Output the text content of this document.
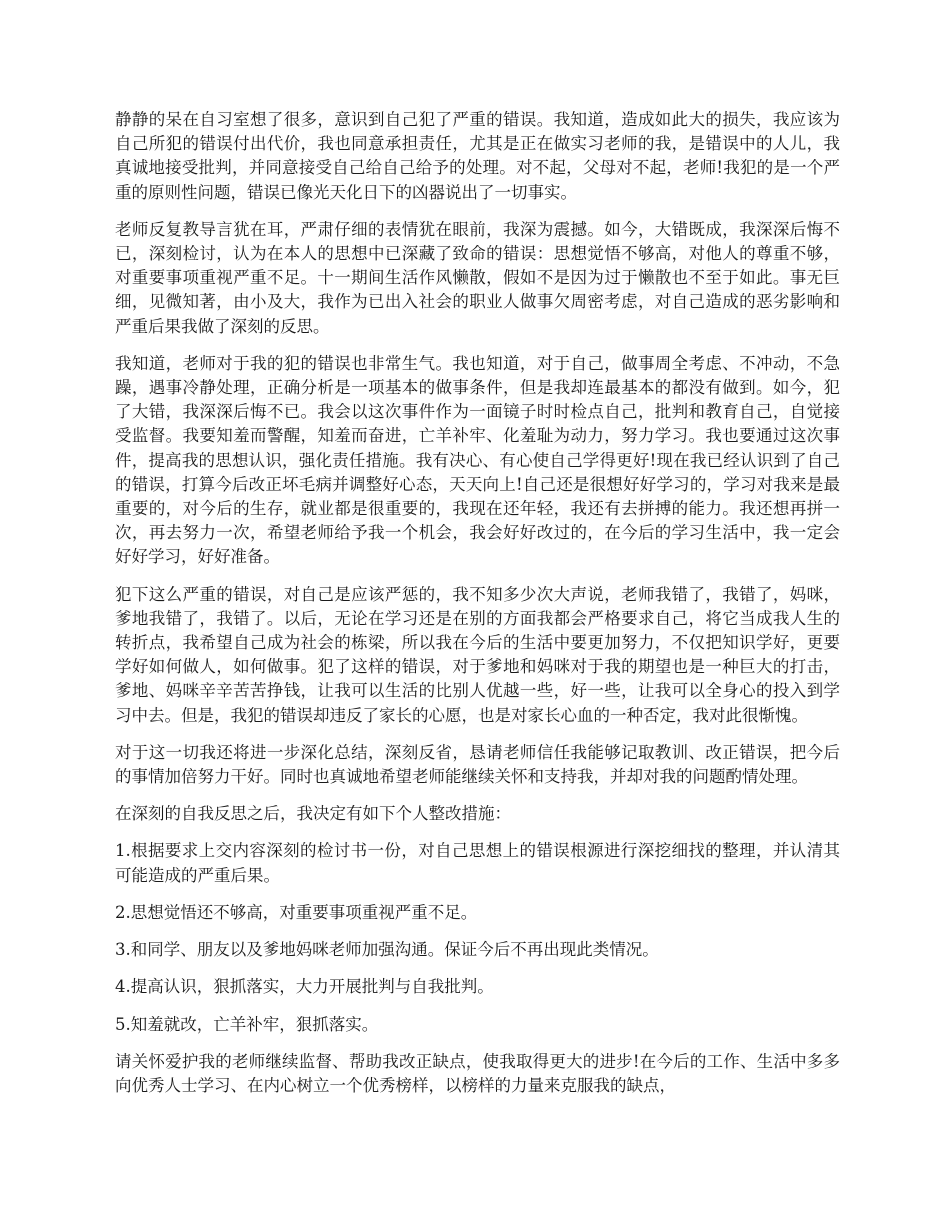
静静的呆在自习室想了很多，意识到自己犯了严重的错误。我知道，造成如此大的损失，我应该为自己所犯的错误付出代价，我也同意承担责任，尤其是正在做实习老师的我，是错误中的人儿，我真诚地接受批判，并同意接受自己给自己给予的处理。对不起，父母对不起，老师!我犯的是一个严重的原则性问题，错误已像光天化日下的凶器说出了一切事实。

老师反复教导言犹在耳，严肃仔细的表情犹在眼前，我深为震撼。如今，大错既成，我深深后悔不已，深刻检讨，认为在本人的思想中已深藏了致命的错误：思想觉悟不够高，对他人的尊重不够，对重要事项重视严重不足。十一期间生活作风懒散，假如不是因为过于懒散也不至于如此。事无巨细，见微知著，由小及大，我作为已出入社会的职业人做事欠周密考虑，对自己造成的恶劣影响和严重后果我做了深刻的反思。

我知道，老师对于我的犯的错误也非常生气。我也知道，对于自己，做事周全考虑、不冲动，不急躁，遇事冷静处理，正确分析是一项基本的做事条件，但是我却连最基本的都没有做到。如今，犯了大错，我深深后悔不已。我会以这次事件作为一面镜子时时检点自己，批判和教育自己，自觉接受监督。我要知羞而警醒，知羞而奋进，亡羊补牢、化羞耻为动力，努力学习。我也要通过这次事件，提高我的思想认识，强化责任措施。我有决心、有心使自己学得更好!现在我已经认识到了自己的错误，打算今后改正坏毛病并调整好心态，天天向上!自己还是很想好好学习的，学习对我来是最重要的，对今后的生存，就业都是很重要的，我现在还年轻，我还有去拼搏的能力。我还想再拼一次，再去努力一次，希望老师给予我一个机会，我会好好改过的，在今后的学习生活中，我一定会好好学习，好好准备。

犯下这么严重的错误，对自己是应该严惩的，我不知多少次大声说，老师我错了，我错了，妈咪，爹地我错了，我错了。以后，无论在学习还是在别的方面我都会严格要求自己，将它当成我人生的转折点，我希望自己成为社会的栋梁，所以我在今后的生活中要更加努力，不仅把知识学好，更要学好如何做人，如何做事。犯了这样的错误，对于爹地和妈咪对于我的期望也是一种巨大的打击，爹地、妈咪辛辛苦苦挣钱，让我可以生活的比别人优越一些，好一些，让我可以全身心的投入到学习中去。但是，我犯的错误却违反了家长的心愿，也是对家长心血的一种否定，我对此很惭愧。

对于这一切我还将进一步深化总结，深刻反省，恳请老师信任我能够记取教训、改正错误，把今后的事情加倍努力干好。同时也真诚地希望老师能继续关怀和支持我，并却对我的问题酌情处理。

在深刻的自我反思之后，我决定有如下个人整改措施：

1.根据要求上交内容深刻的检讨书一份，对自己思想上的错误根源进行深挖细找的整理，并认清其可能造成的严重后果。

2.思想觉悟还不够高，对重要事项重视严重不足。

3.和同学、朋友以及爹地妈咪老师加强沟通。保证今后不再出现此类情况。

4.提高认识，狠抓落实，大力开展批判与自我批判。

5.知羞就改，亡羊补牢，狠抓落实。

请关怀爱护我的老师继续监督、帮助我改正缺点，使我取得更大的进步!在今后的工作、生活中多多向优秀人士学习、在内心树立一个优秀榜样，以榜样的力量来克服我的缺点，
